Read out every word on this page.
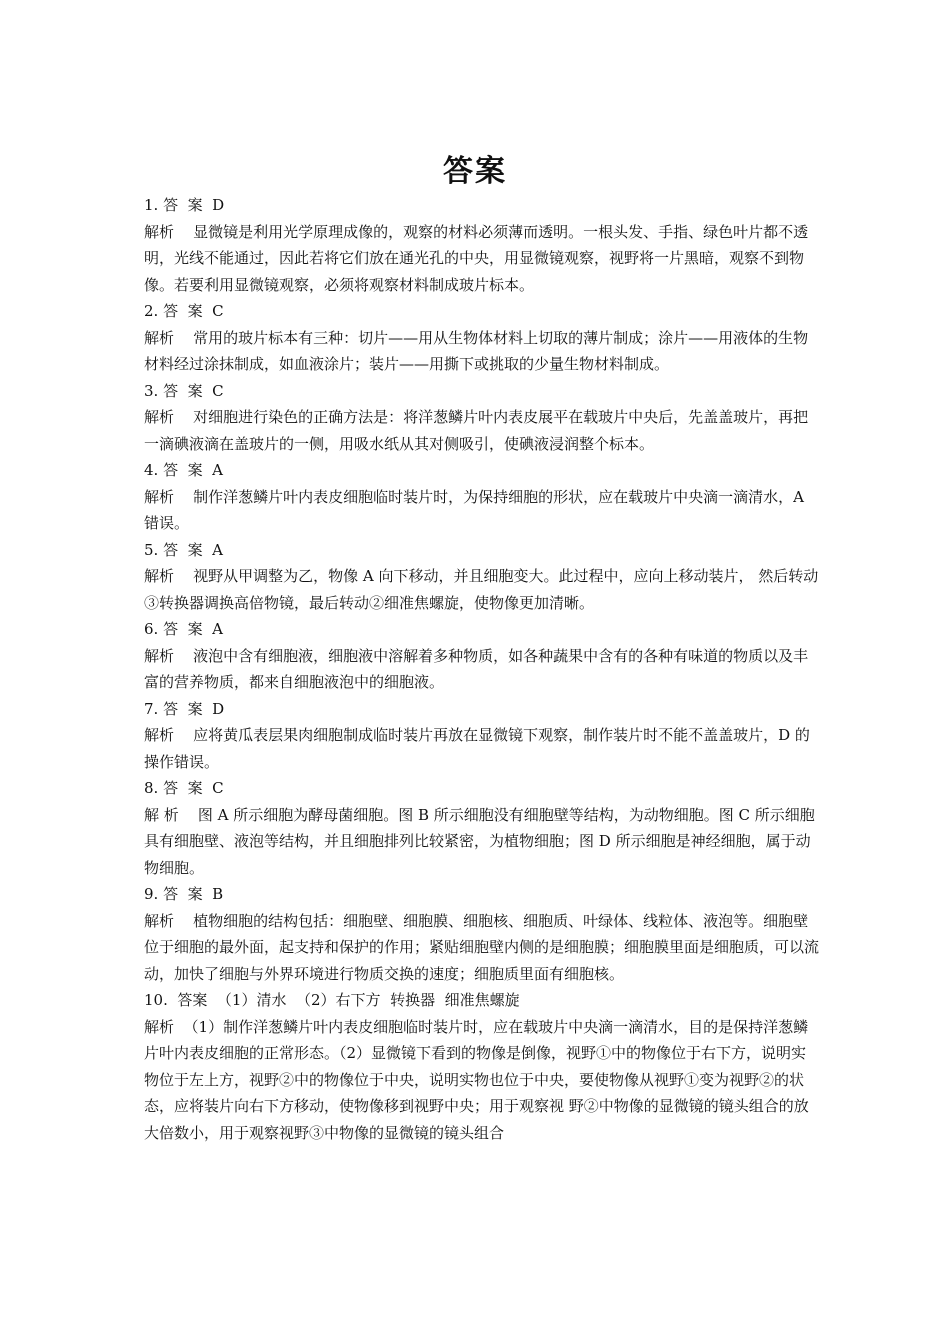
答案

1. 答  案  D

解析    显微镜是利用光学原理成像的，观察的材料必须薄而透明。一根头发、手指、绿色叶片都不透明，光线不能通过，因此若将它们放在通光孔的中央，用显微镜观察，视野将一片黑暗，观察不到物像。若要利用显微镜观察，必须将观察材料制成玻片标本。

2. 答  案  C

解析    常用的玻片标本有三种：切片——用从生物体材料上切取的薄片制成；涂片——用液体的生物材料经过涂抹制成，如血液涂片；装片——用撕下或挑取的少量生物材料制成。

3. 答  案  C

解析    对细胞进行染色的正确方法是：将洋葱鳞片叶内表皮展平在载玻片中央后，先盖盖玻片，再把一滴碘液滴在盖玻片的一侧，用吸水纸从其对侧吸引，使碘液浸润整个标本。

4. 答  案  A

解析    制作洋葱鳞片叶内表皮细胞临时装片时，为保持细胞的形状，应在载玻片中央滴一滴清水，A 错误。

5. 答  案  A

解析    视野从甲调整为乙，物像 A 向下移动，并且细胞变大。此过程中，应向上移动装片， 然后转动③转换器调换高倍物镜，最后转动②细准焦螺旋，使物像更加清晰。

6. 答  案  A

解析    液泡中含有细胞液，细胞液中溶解着多种物质，如各种蔬果中含有的各种有味道的物质以及丰富的营养物质，都来自细胞液泡中的细胞液。

7. 答  案  D

解析    应将黄瓜表层果肉细胞制成临时装片再放在显微镜下观察，制作装片时不能不盖盖玻片，D 的操作错误。

8. 答  案  C

解 析    图 A 所示细胞为酵母菌细胞。图 B 所示细胞没有细胞壁等结构，为动物细胞。图 C 所示细胞具有细胞壁、液泡等结构，并且细胞排列比较紧密，为植物细胞；图 D 所示细胞是神经细胞，属于动物细胞。

9. 答  案  B

解析    植物细胞的结构包括：细胞壁、细胞膜、细胞核、细胞质、叶绿体、线粒体、液泡等。细胞壁位于细胞的最外面，起支持和保护的作用；紧贴细胞壁内侧的是细胞膜；细胞膜里面是细胞质，可以流动，加快了细胞与外界环境进行物质交换的速度；细胞质里面有细胞核。

10.  答案  （1）清水  （2）右下方  转换器  细准焦螺旋

解析  （1）制作洋葱鳞片叶内表皮细胞临时装片时，应在载玻片中央滴一滴清水，目的是保持洋葱鳞片叶内表皮细胞的正常形态。（2）显微镜下看到的物像是倒像，视野①中的物像位于右下方，说明实物位于左上方，视野②中的物像位于中央，说明实物也位于中央，要使物像从视野①变为视野②的状态，应将装片向右下方移动，使物像移到视野中央；用于观察视 野②中物像的显微镜的镜头组合的放大倍数小，用于观察视野③中物像的显微镜的镜头组合
